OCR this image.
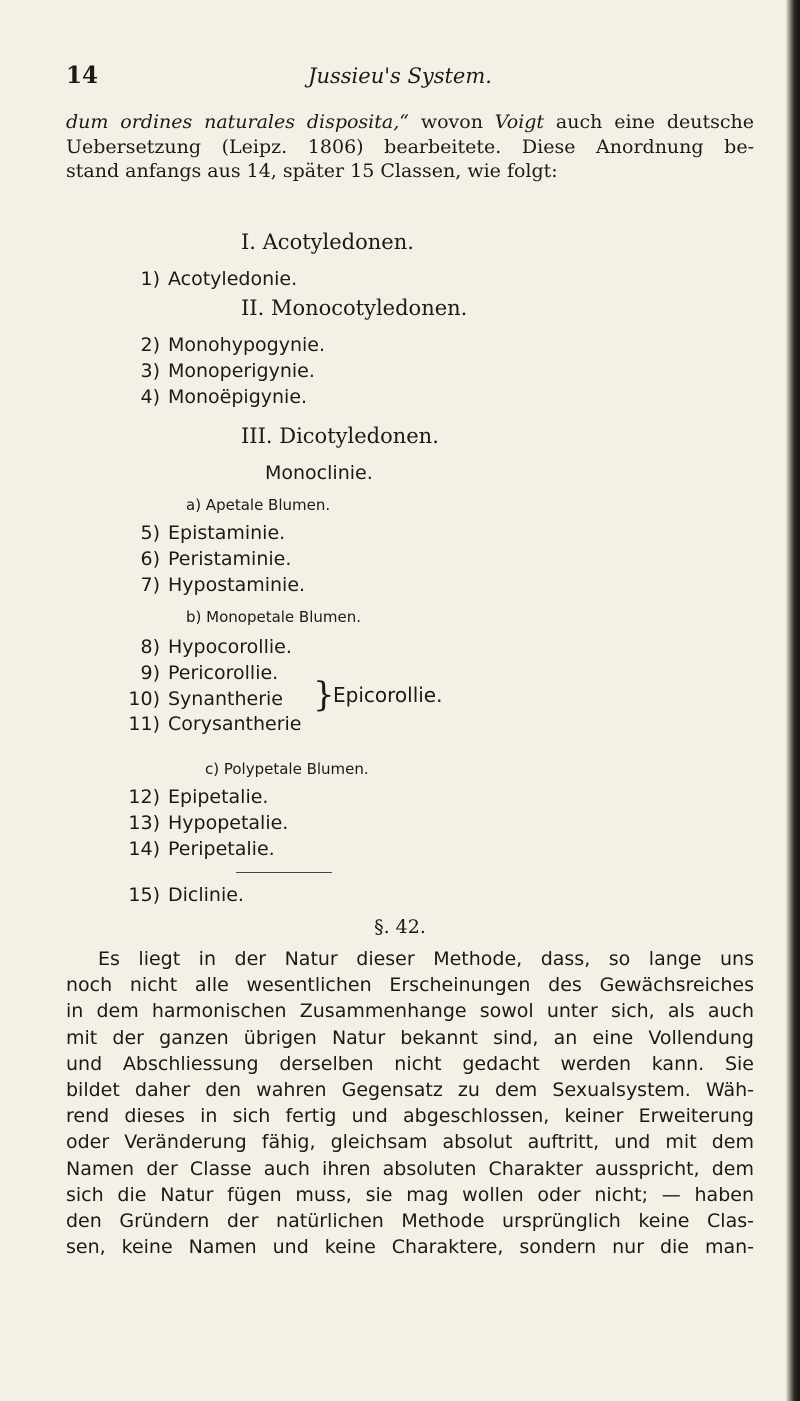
14	Jussieu's System.
dum ordines naturales disposita,“ wovon Voigt auch eine deutsche
Uebersetzung (Leipz. 1806) bearbeitete. Diese Anordnung be-
stand anfangs aus 14, später 15 Classen, wie folgt:
I. Acotyledonen.
1) Acotyledonie.
II. Monocotyledonen.
2) Monohypogynie.
3) Monoperigynie.
4) Monoëpigynie.
III. Dicotyledonen.
Monoclinie.
a) Apetale Blumen.
5) Epistaminie.
6) Peristaminie.
7) Hypostaminie.
b) Monopetale Blumen.
8) Hypocorollie.
9) Pericorollie.
10) Synantherie
11) Corysantherie
}
Epicorollie.
c) Polypetale Blumen.
12) Epipetalie.
13) Hypopetalie.
14) Peripetalie.
15) Diclinie.
§. 42.
Es liegt in der Natur dieser Methode, dass, so lange uns
noch nicht alle wesentlichen Erscheinungen des Gewächsreiches
in dem harmonischen Zusammenhange sowol unter sich, als auch
mit der ganzen übrigen Natur bekannt sind, an eine Vollendung
und Abschliessung derselben nicht gedacht werden kann. Sie
bildet daher den wahren Gegensatz zu dem Sexualsystem. Wäh-
rend dieses in sich fertig und abgeschlossen, keiner Erweiterung
oder Veränderung fähig, gleichsam absolut auftritt, und mit dem
Namen der Classe auch ihren absoluten Charakter ausspricht, dem
sich die Natur fügen muss, sie mag wollen oder nicht; — haben
den Gründern der natürlichen Methode ursprünglich keine Clas-
sen, keine Namen und keine Charaktere, sondern nur die man-
